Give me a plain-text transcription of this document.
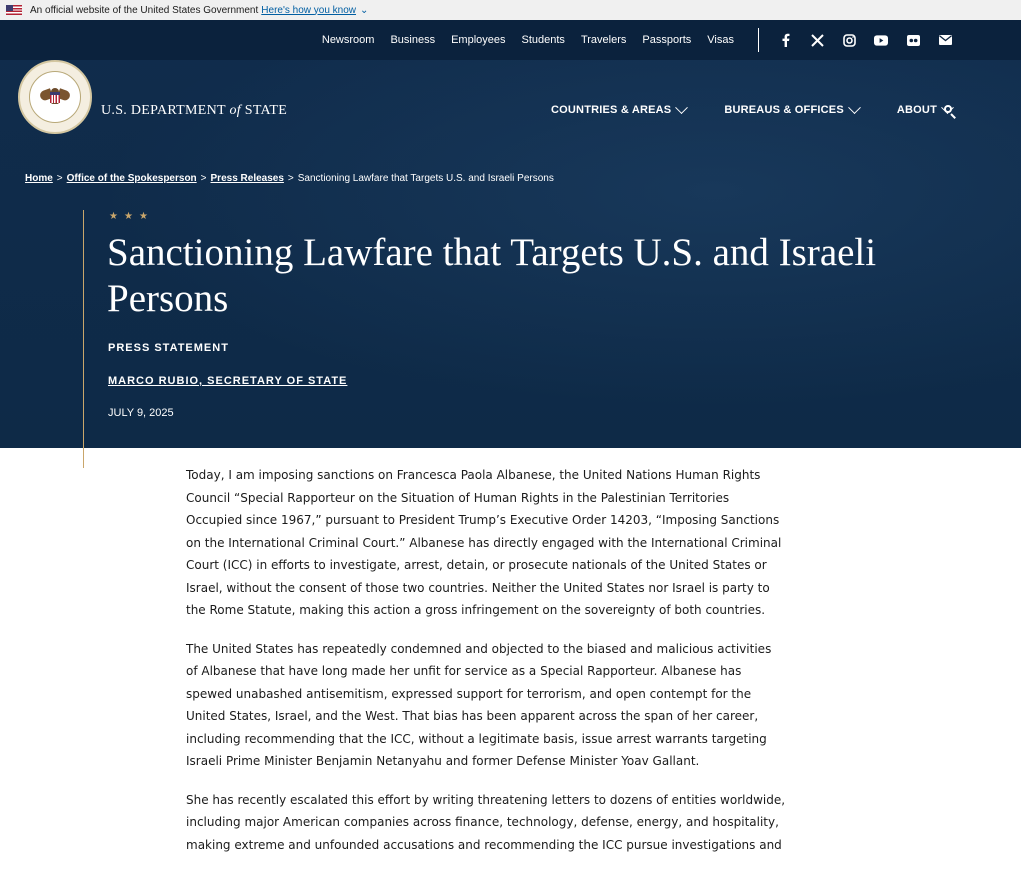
An official website of the United States Government Here's how you know ⌄
Newsroom Business Employees Students Travelers Passports Visas
U.S. DEPARTMENT of STATE	COUNTRIES & AREAS	BUREAUS & OFFICES	ABOUT
Home > Office of the Spokesperson > Press Releases > Sanctioning Lawfare that Targets U.S. and Israeli Persons
★ ★ ★
Sanctioning Lawfare that Targets U.S. and Israeli
Persons
PRESS STATEMENT
MARCO RUBIO, SECRETARY OF STATE
JULY 9, 2025

Today, I am imposing sanctions on Francesca Paola Albanese, the United Nations Human Rights Council “Special Rapporteur on the Situation of Human Rights in the Palestinian Territories Occupied since 1967,” pursuant to President Trump’s Executive Order 14203, “Imposing Sanctions on the International Criminal Court.” Albanese has directly engaged with the International Criminal Court (ICC) in efforts to investigate, arrest, detain, or prosecute nationals of the United States or Israel, without the consent of those two countries. Neither the United States nor Israel is party to the Rome Statute, making this action a gross infringement on the sovereignty of both countries.

The United States has repeatedly condemned and objected to the biased and malicious activities of Albanese that have long made her unfit for service as a Special Rapporteur. Albanese has spewed unabashed antisemitism, expressed support for terrorism, and open contempt for the United States, Israel, and the West. That bias has been apparent across the span of her career, including recommending that the ICC, without a legitimate basis, issue arrest warrants targeting Israeli Prime Minister Benjamin Netanyahu and former Defense Minister Yoav Gallant.

She has recently escalated this effort by writing threatening letters to dozens of entities worldwide, including major American companies across finance, technology, defense, energy, and hospitality, making extreme and unfounded accusations and recommending the ICC pursue investigations and
